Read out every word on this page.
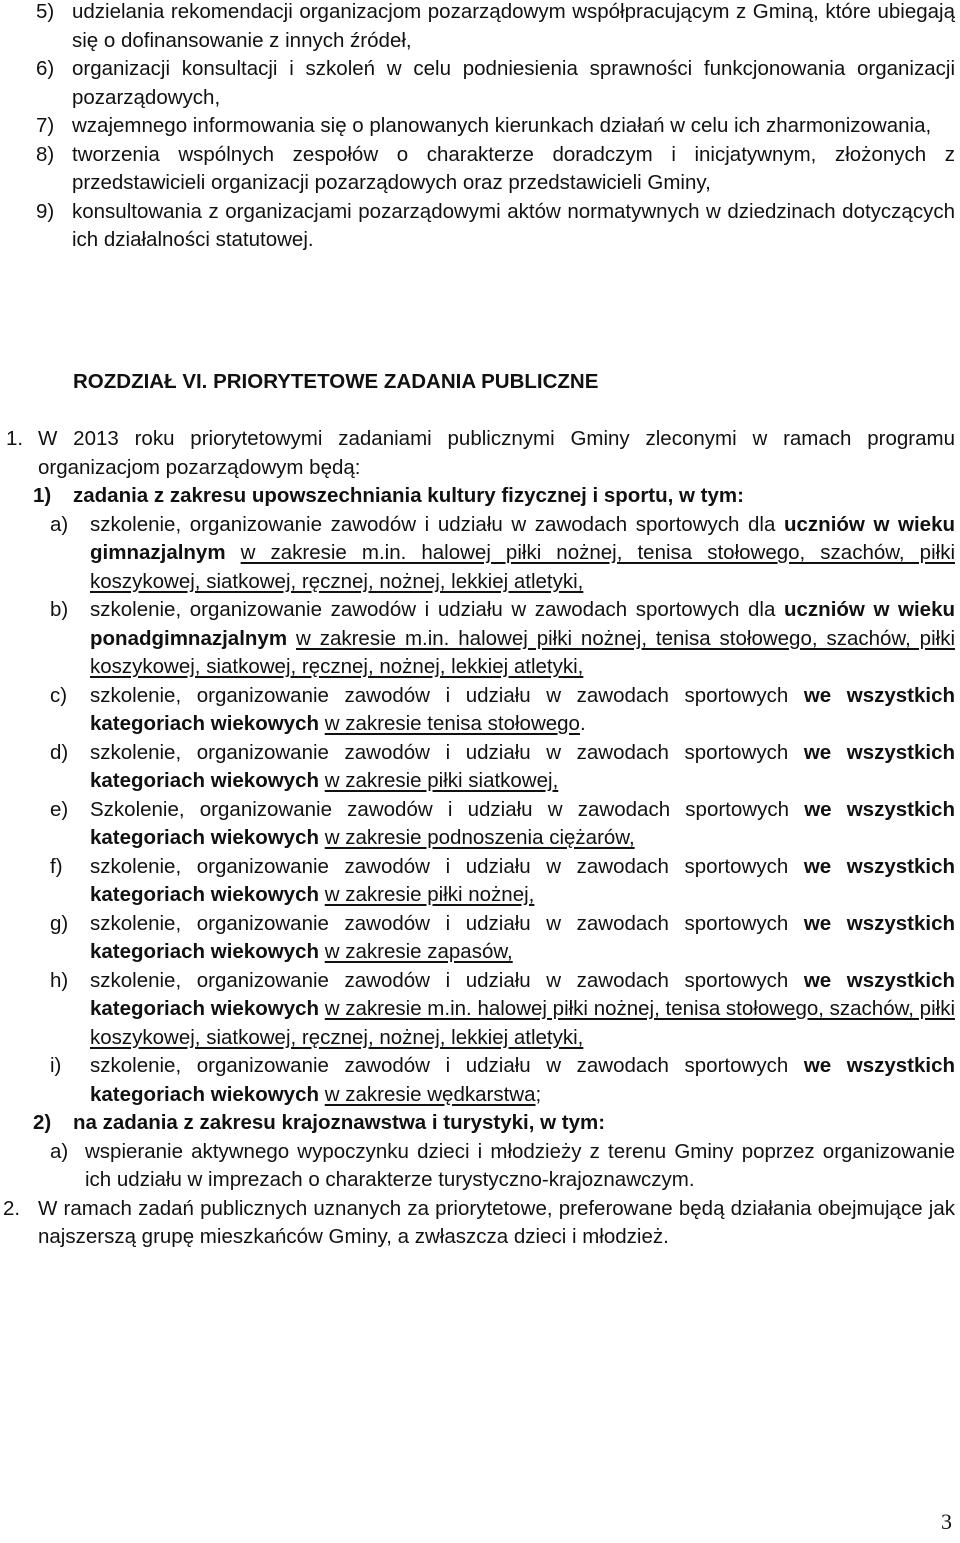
5) udzielania rekomendacji organizacjom pozarządowym współpracującym z Gminą, które ubiegają się o dofinansowanie z innych źródeł,
6) organizacji konsultacji i szkoleń w celu podniesienia sprawności funkcjonowania organizacji pozarządowych,
7) wzajemnego informowania się o planowanych kierunkach działań w celu ich zharmonizowania,
8) tworzenia wspólnych zespołów o charakterze doradczym i inicjatywnym, złożonych z przedstawicieli organizacji pozarządowych oraz przedstawicieli Gminy,
9) konsultowania z organizacjami pozarządowymi aktów normatywnych w dziedzinach dotyczących ich działalności statutowej.
ROZDZIAŁ VI. PRIORYTETOWE ZADANIA PUBLICZNE
1. W 2013 roku priorytetowymi zadaniami publicznymi Gminy zleconymi w ramach programu organizacjom pozarządowym będą:
1)	zadania z zakresu upowszechniania kultury fizycznej i sportu, w tym:
a)	szkolenie, organizowanie zawodów i udziału w zawodach sportowych dla uczniów w wieku gimnazjalnym w zakresie m.in. halowej piłki nożnej, tenisa stołowego, szachów, piłki koszykowej, siatkowej, ręcznej, nożnej, lekkiej atletyki,
b)	szkolenie, organizowanie zawodów i udziału w zawodach sportowych dla uczniów w wieku ponadgimnazjalnym w zakresie m.in. halowej piłki nożnej, tenisa stołowego, szachów, piłki koszykowej, siatkowej, ręcznej, nożnej, lekkiej atletyki,
c)	szkolenie, organizowanie zawodów i udziału w zawodach sportowych we wszystkich kategoriach wiekowych w zakresie tenisa stołowego.
d)	szkolenie, organizowanie zawodów i udziału w zawodach sportowych we wszystkich kategoriach wiekowych w zakresie piłki siatkowej,
e)	Szkolenie, organizowanie zawodów i udziału w zawodach sportowych we wszystkich kategoriach wiekowych w zakresie podnoszenia ciężarów,
f)	szkolenie, organizowanie zawodów i udziału w zawodach sportowych we wszystkich kategoriach wiekowych w zakresie piłki nożnej,
g)	szkolenie, organizowanie zawodów i udziału w zawodach sportowych we wszystkich kategoriach wiekowych w zakresie zapasów,
h)	szkolenie, organizowanie zawodów i udziału w zawodach sportowych we wszystkich kategoriach wiekowych w zakresie m.in. halowej piłki nożnej, tenisa stołowego, szachów, piłki koszykowej, siatkowej, ręcznej, nożnej, lekkiej atletyki,
i)	szkolenie, organizowanie zawodów i udziału w zawodach sportowych we wszystkich kategoriach wiekowych w zakresie wędkarstwa;
2)	na zadania z zakresu krajoznawstwa i turystyki, w tym:
a) wspieranie aktywnego wypoczynku dzieci i młodzieży z terenu Gminy poprzez organizowanie ich udziału w imprezach o charakterze turystyczno-krajoznawczym.
2. W ramach zadań publicznych uznanych za priorytetowe, preferowane będą działania obejmujące jak najszerszą grupę mieszkańców Gminy, a zwłaszcza dzieci i młodzież.
3
